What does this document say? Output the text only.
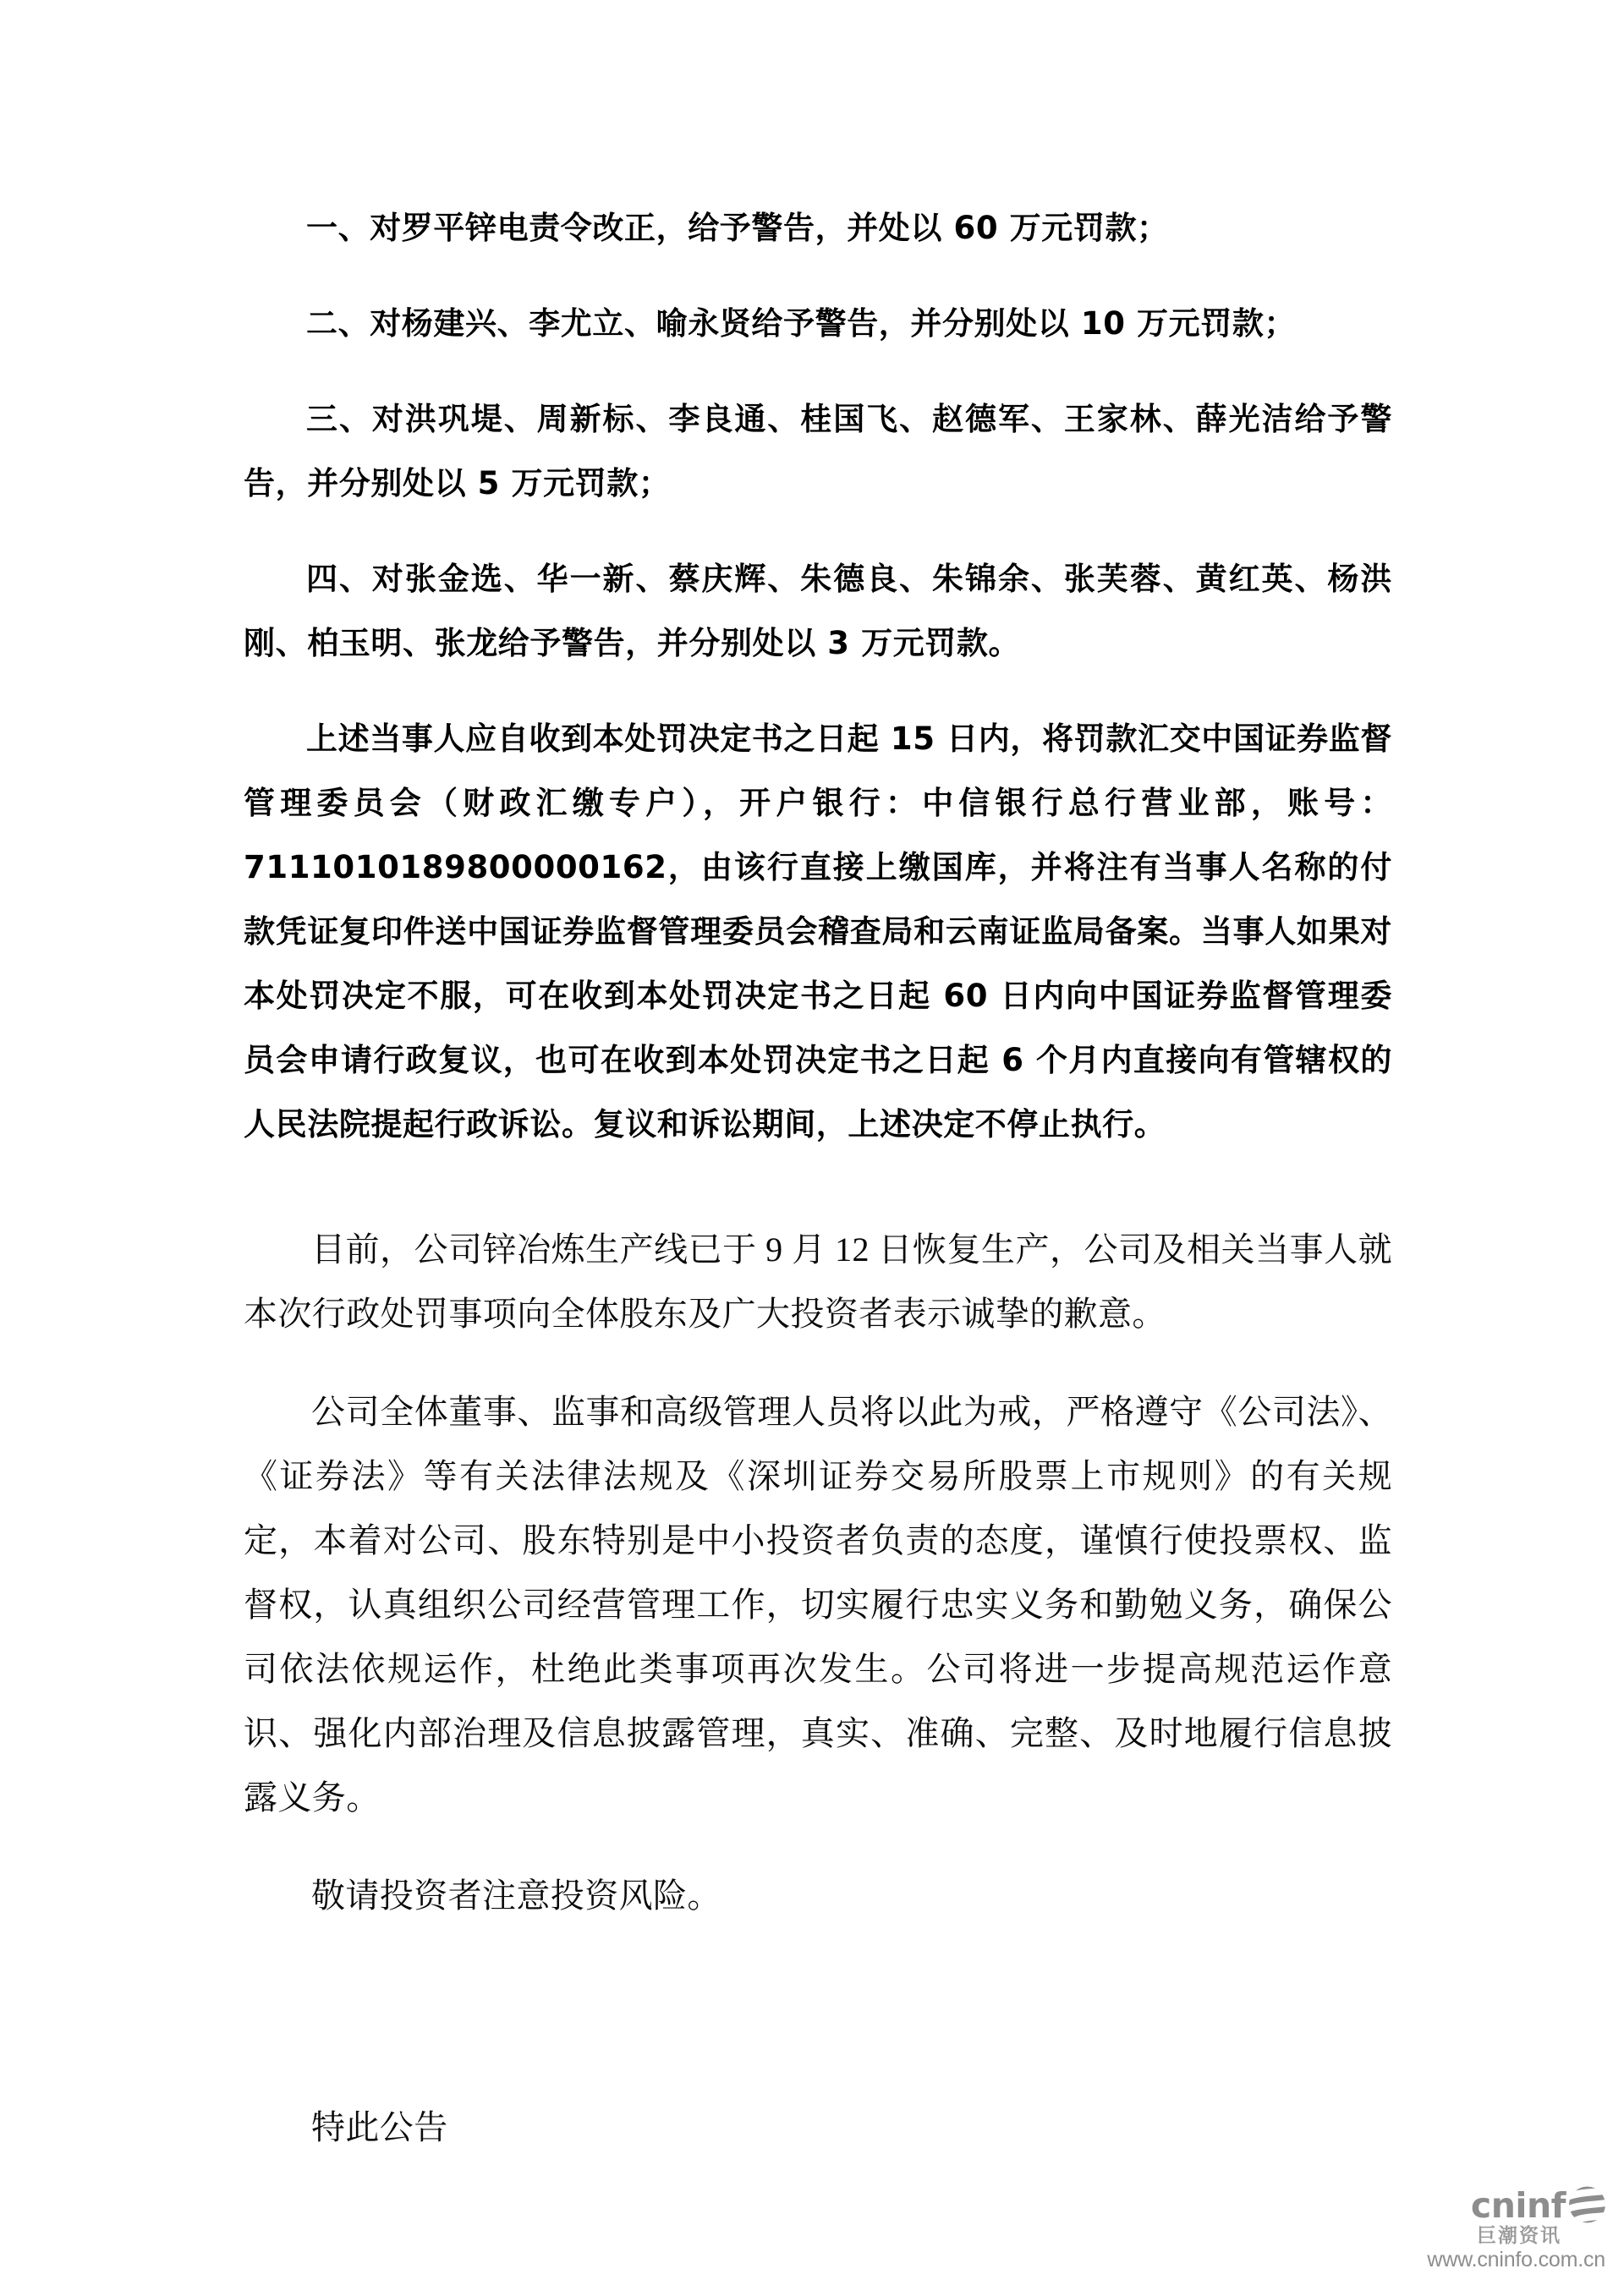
一、对罗平锌电责令改正，给予警告，并处以 60 万元罚款；

二、对杨建兴、李尤立、喻永贤给予警告，并分别处以 10 万元罚款；

三、对洪巩堤、周新标、李良通、桂国飞、赵德军、王家林、薛光洁给予警告，并分别处以 5 万元罚款；

四、对张金选、华一新、蔡庆辉、朱德良、朱锦余、张芙蓉、黄红英、杨洪刚、柏玉明、张龙给予警告，并分别处以 3 万元罚款。

上述当事人应自收到本处罚决定书之日起 15 日内，将罚款汇交中国证券监督管理委员会（财政汇缴专户），开户银行：中信银行总行营业部，账号：7111010189800000162，由该行直接上缴国库，并将注有当事人名称的付款凭证复印件送中国证券监督管理委员会稽查局和云南证监局备案。当事人如果对本处罚决定不服，可在收到本处罚决定书之日起 60 日内向中国证券监督管理委员会申请行政复议，也可在收到本处罚决定书之日起 6 个月内直接向有管辖权的人民法院提起行政诉讼。复议和诉讼期间，上述决定不停止执行。

目前，公司锌冶炼生产线已于 9 月 12 日恢复生产，公司及相关当事人就本次行政处罚事项向全体股东及广大投资者表示诚挚的歉意。

公司全体董事、监事和高级管理人员将以此为戒，严格遵守《公司法》、《证券法》等有关法律法规及《深圳证券交易所股票上市规则》的有关规定，本着对公司、股东特别是中小投资者负责的态度，谨慎行使投票权、监督权，认真组织公司经营管理工作，切实履行忠实义务和勤勉义务，确保公司依法依规运作，杜绝此类事项再次发生。公司将进一步提高规范运作意识、强化内部治理及信息披露管理，真实、准确、完整、及时地履行信息披露义务。

敬请投资者注意投资风险。

特此公告

cninf
巨潮资讯
www.cninfo.com.cn
